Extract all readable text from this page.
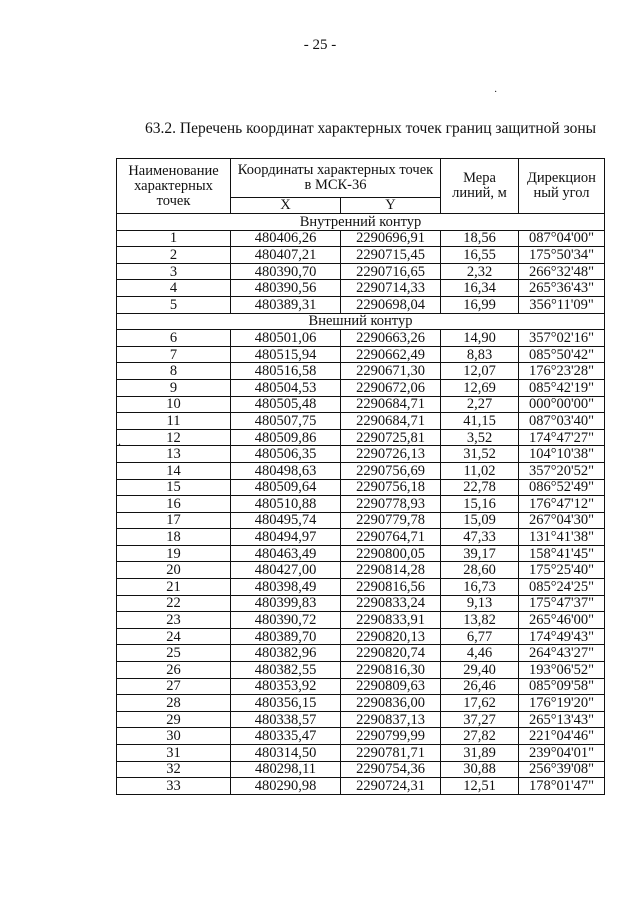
- 25 -
·
63.2. Перечень координат характерных точек границ защитной зоны
Наименование характерных точек	Координаты характерных точек в МСК-36		Мера линий, м	Дирекцион ный угол
	X	Y		
Внутренний контур				
1	480406,26	2290696,91	18,56	087°04'00"
2	480407,21	2290715,45	16,55	175°50'34"
3	480390,70	2290716,65	2,32	266°32'48"
4	480390,56	2290714,33	16,34	265°36'43"
5	480389,31	2290698,04	16,99	356°11'09"
Внешний контур				
6	480501,06	2290663,26	14,90	357°02'16"
7	480515,94	2290662,49	8,83	085°50'42"
8	480516,58	2290671,30	12,07	176°23'28"
9	480504,53	2290672,06	12,69	085°42'19"
10	480505,48	2290684,71	2,27	000°00'00"
11	480507,75	2290684,71	41,15	087°03'40"
12	480509,86	2290725,81	3,52	174°47'27"
13	480506,35	2290726,13	31,52	104°10'38"
14	480498,63	2290756,69	11,02	357°20'52"
15	480509,64	2290756,18	22,78	086°52'49"
16	480510,88	2290778,93	15,16	176°47'12"
17	480495,74	2290779,78	15,09	267°04'30"
18	480494,97	2290764,71	47,33	131°41'38"
19	480463,49	2290800,05	39,17	158°41'45"
20	480427,00	2290814,28	28,60	175°25'40"
21	480398,49	2290816,56	16,73	085°24'25"
22	480399,83	2290833,24	9,13	175°47'37"
23	480390,72	2290833,91	13,82	265°46'00"
24	480389,70	2290820,13	6,77	174°49'43"
25	480382,96	2290820,74	4,46	264°43'27"
26	480382,55	2290816,30	29,40	193°06'52"
27	480353,92	2290809,63	26,46	085°09'58"
28	480356,15	2290836,00	17,62	176°19'20"
29	480338,57	2290837,13	37,27	265°13'43"
30	480335,47	2290799,99	27,82	221°04'46"
31	480314,50	2290781,71	31,89	239°04'01"
32	480298,11	2290754,36	30,88	256°39'08"
33	480290,98	2290724,31	12,51	178°01'47"
.
